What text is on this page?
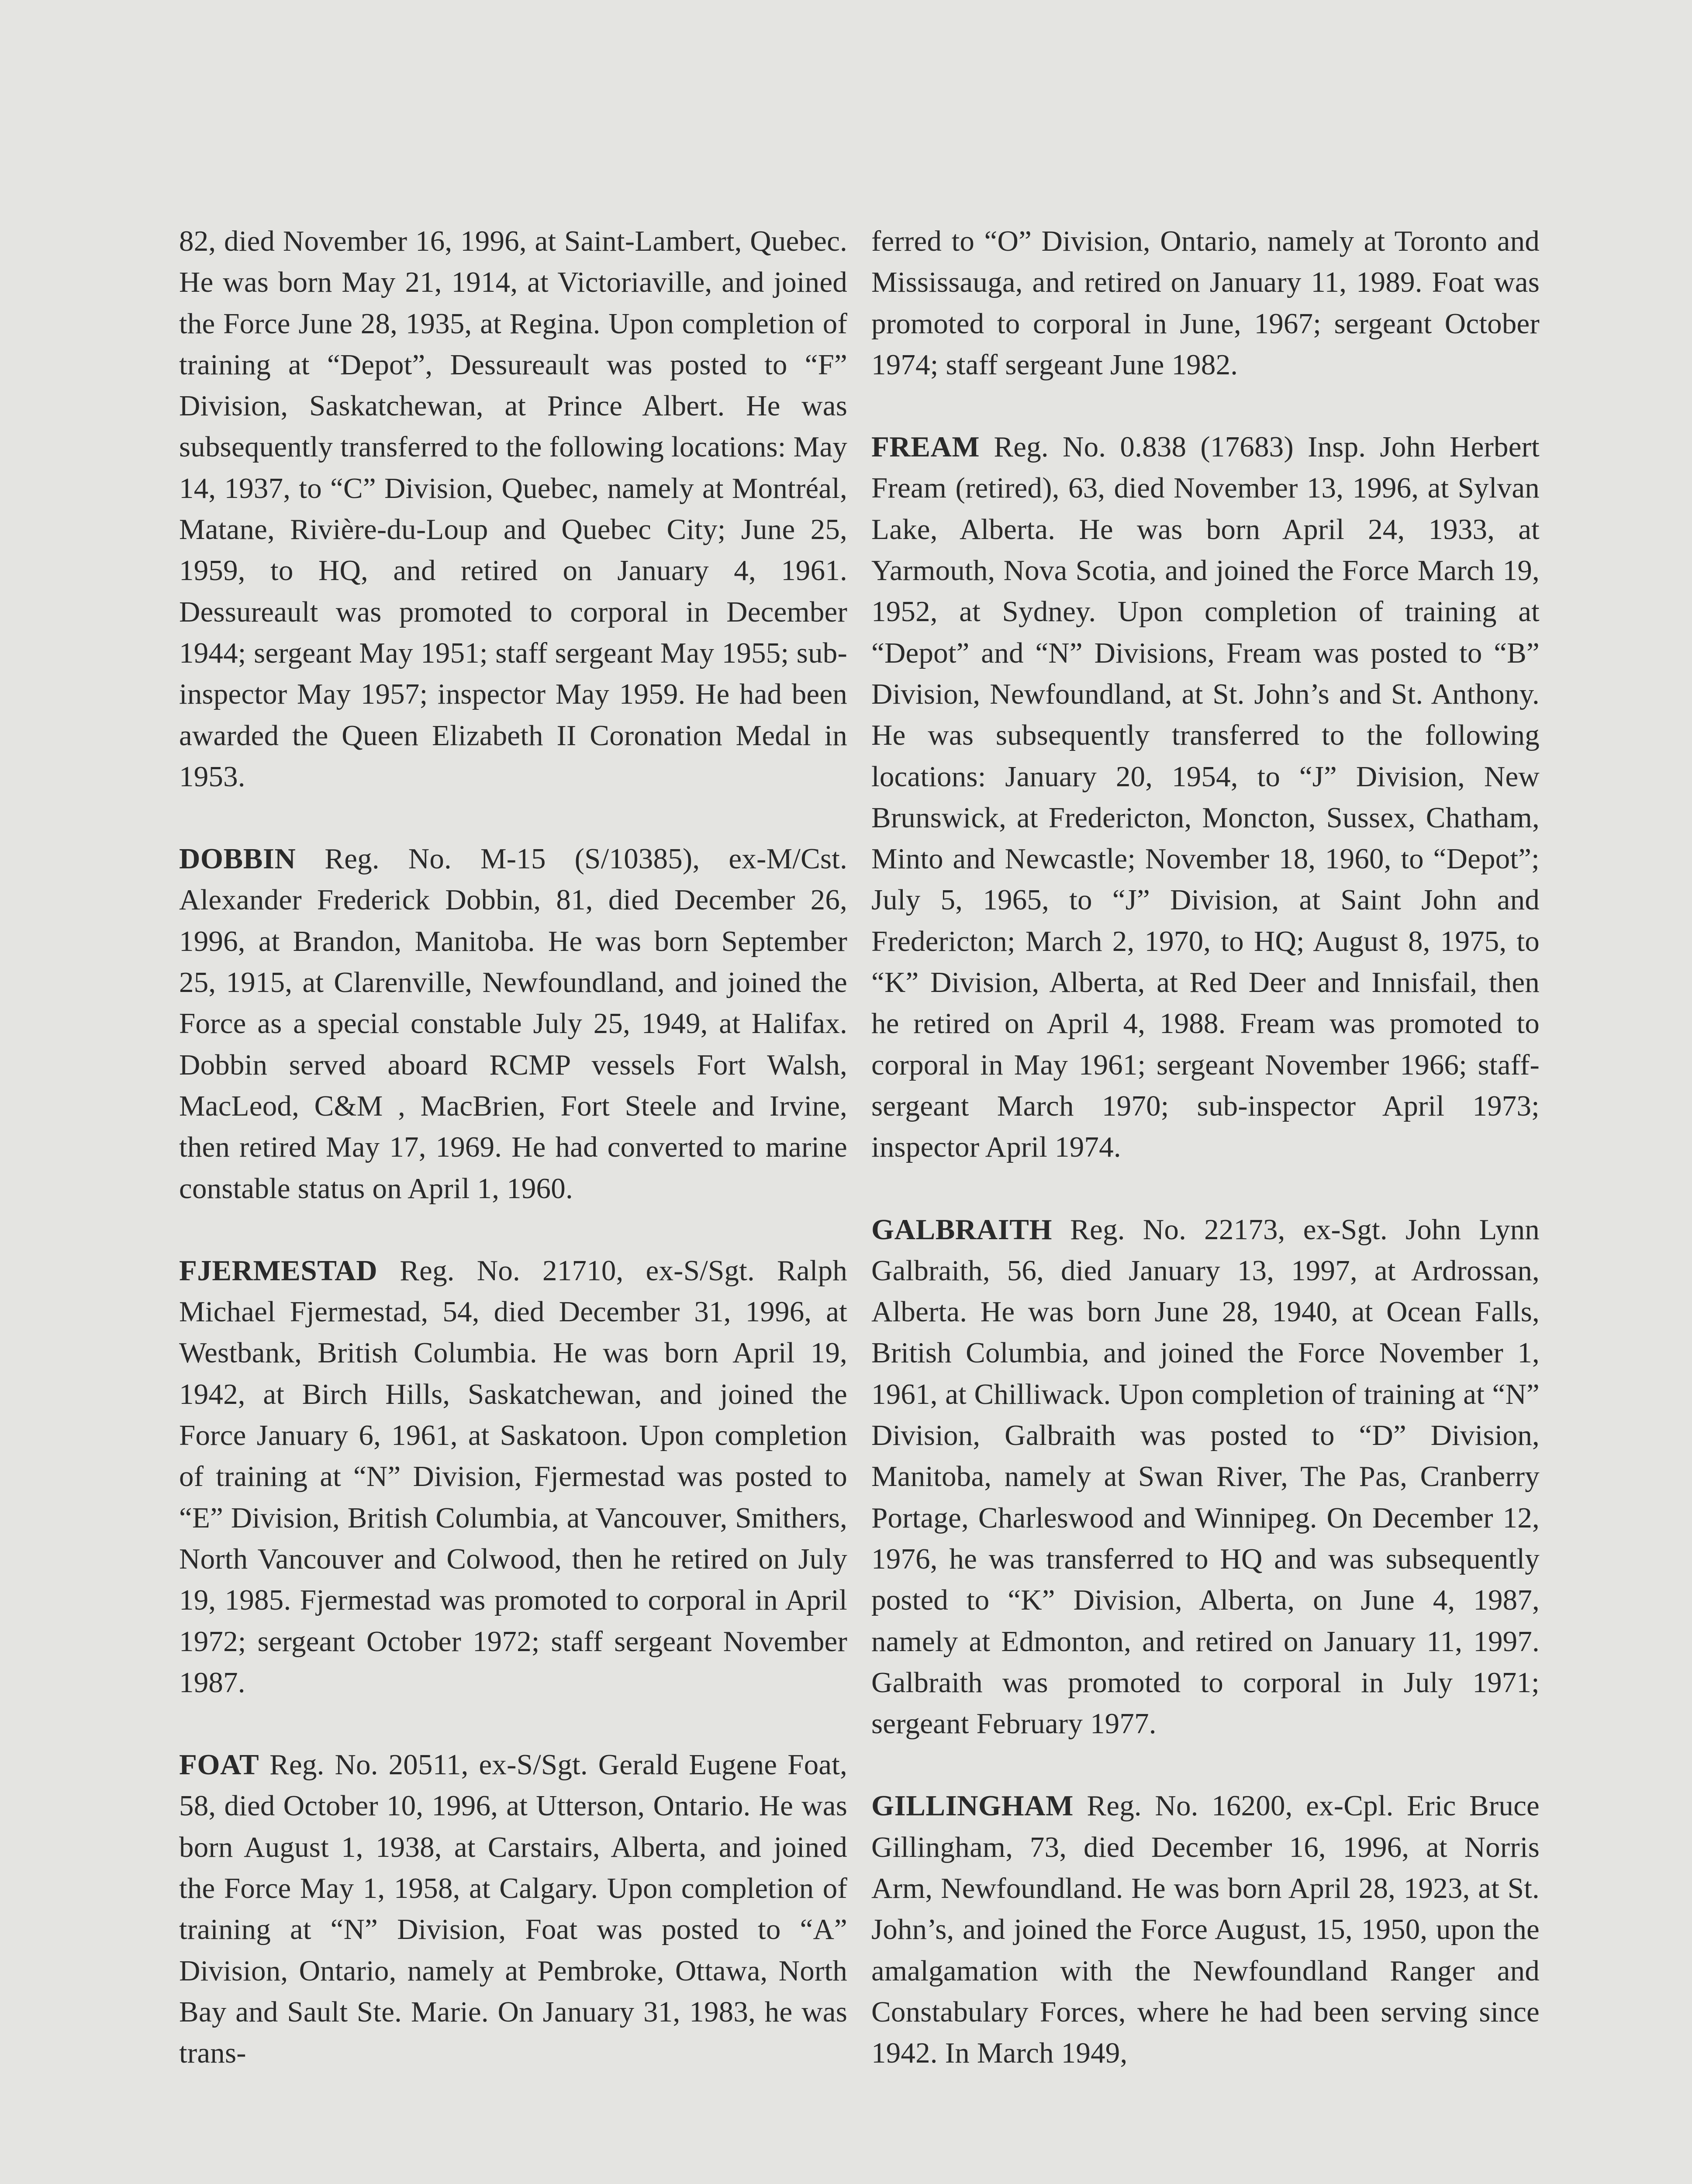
82, died November 16, 1996, at Saint-Lambert, Quebec. He was born May 21, 1914, at Victoriaville, and joined the Force June 28, 1935, at Regina. Upon completion of training at “Depot”, Dessureault was posted to “F” Division, Saskatchewan, at Prince Albert. He was subsequently transferred to the following locations: May 14, 1937, to “C” Division, Quebec, namely at Montréal, Matane, Rivière-du-Loup and Quebec City; June 25, 1959, to HQ, and retired on January 4, 1961. Dessureault was promoted to corporal in December 1944; sergeant May 1951; staff sergeant May 1955; sub-inspector May 1957; inspector May 1959. He had been awarded the Queen Elizabeth II Coronation Medal in 1953.

DOBBIN Reg. No. M-15 (S/10385), ex-M/Cst. Alexander Frederick Dobbin, 81, died December 26, 1996, at Brandon, Manitoba. He was born September 25, 1915, at Clarenville, Newfoundland, and joined the Force as a special constable July 25, 1949, at Halifax. Dobbin served aboard RCMP vessels Fort Walsh, MacLeod, C&M , MacBrien, Fort Steele and Irvine, then retired May 17, 1969. He had converted to marine constable status on April 1, 1960.

FJERMESTAD Reg. No. 21710, ex-S/Sgt. Ralph Michael Fjermestad, 54, died December 31, 1996, at Westbank, British Columbia. He was born April 19, 1942, at Birch Hills, Saskatchewan, and joined the Force January 6, 1961, at Saskatoon. Upon completion of training at “N” Division, Fjermestad was posted to “E” Division, British Columbia, at Vancouver, Smithers, North Vancouver and Colwood, then he retired on July 19, 1985. Fjermestad was promoted to corporal in April 1972; sergeant October 1972; staff sergeant November 1987.

FOAT Reg. No. 20511, ex-S/Sgt. Gerald Eugene Foat, 58, died October 10, 1996, at Utterson, Ontario. He was born August 1, 1938, at Carstairs, Alberta, and joined the Force May 1, 1958, at Calgary. Upon completion of training at “N” Division, Foat was posted to “A” Division, Ontario, namely at Pembroke, Ottawa, North Bay and Sault Ste. Marie. On January 31, 1983, he was trans-

ferred to “O” Division, Ontario, namely at Toronto and Mississauga, and retired on January 11, 1989. Foat was promoted to corporal in June, 1967; sergeant October 1974; staff sergeant June 1982.

FREAM Reg. No. 0.838 (17683) Insp. John Herbert Fream (retired), 63, died November 13, 1996, at Sylvan Lake, Alberta. He was born April 24, 1933, at Yarmouth, Nova Scotia, and joined the Force March 19, 1952, at Sydney. Upon completion of training at “Depot” and “N” Divisions, Fream was posted to “B” Division, Newfoundland, at St. John’s and St. Anthony. He was subsequently transferred to the following locations: January 20, 1954, to “J” Division, New Brunswick, at Fredericton, Moncton, Sussex, Chatham, Minto and Newcastle; November 18, 1960, to “Depot”; July 5, 1965, to “J” Division, at Saint John and Fredericton; March 2, 1970, to HQ; August 8, 1975, to “K” Division, Alberta, at Red Deer and Innisfail, then he retired on April 4, 1988. Fream was promoted to corporal in May 1961; sergeant November 1966; staff-sergeant March 1970; sub-inspector April 1973; inspector April 1974.

GALBRAITH Reg. No. 22173, ex-Sgt. John Lynn Galbraith, 56, died January 13, 1997, at Ardrossan, Alberta. He was born June 28, 1940, at Ocean Falls, British Columbia, and joined the Force November 1, 1961, at Chilliwack. Upon completion of training at “N” Division, Galbraith was posted to “D” Division, Manitoba, namely at Swan River, The Pas, Cranberry Portage, Charleswood and Winnipeg. On December 12, 1976, he was transferred to HQ and was subsequently posted to “K” Division, Alberta, on June 4, 1987, namely at Edmonton, and retired on January 11, 1997. Galbraith was promoted to corporal in July 1971; sergeant February 1977.

GILLINGHAM Reg. No. 16200, ex-Cpl. Eric Bruce Gillingham, 73, died December 16, 1996, at Norris Arm, Newfoundland. He was born April 28, 1923, at St. John’s, and joined the Force August, 15, 1950, upon the amalgamation with the Newfoundland Ranger and Constabulary Forces, where he had been serving since 1942. In March 1949,
